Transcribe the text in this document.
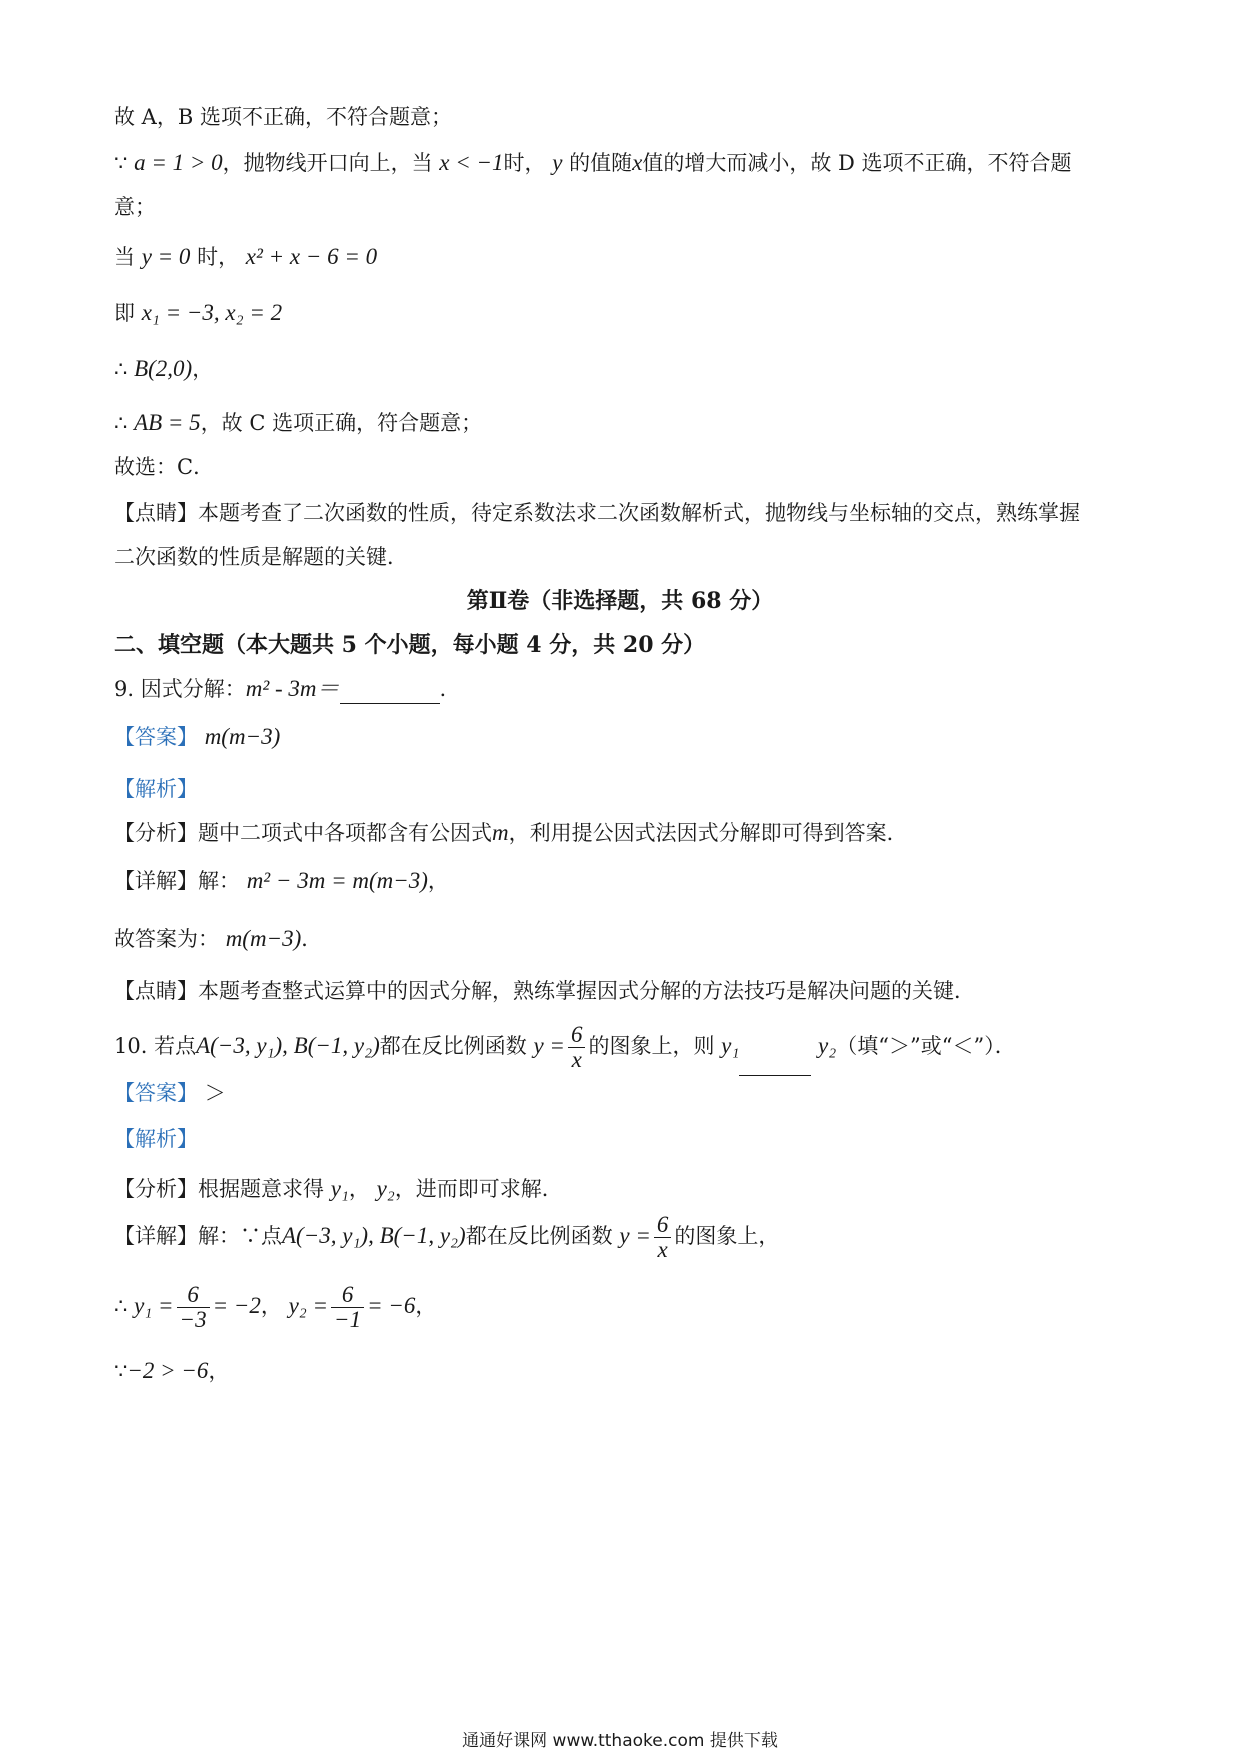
故 A，B 选项不正确，不符合题意；
∵ a = 1 > 0，抛物线开口向上，当 x < −1时， y 的值随x值的增大而减小，故 D 选项不正确，不符合题
意；
当 y = 0 时， x² + x − 6 = 0
即 x₁ = −3, x₂ = 2
∴ B(2,0)，
∴ AB = 5，故 C 选项正确，符合题意；
故选：C．
【点睛】本题考查了二次函数的性质，待定系数法求二次函数解析式，抛物线与坐标轴的交点，熟练掌握
二次函数的性质是解题的关键．
第Ⅱ卷（非选择题，共 68 分）
二、填空题（本大题共 5 个小题，每小题 4 分，共 20 分）
9. 因式分解：m² - 3m＝	.
【答案】 m(m−3)
【解析】
【分析】题中二项式中各项都含有公因式m，利用提公因式法因式分解即可得到答案．
【详解】解： m² − 3m = m(m−3)，
故答案为： m(m−3)．
【点睛】本题考查整式运算中的因式分解，熟练掌握因式分解的方法技巧是解决问题的关键．
10. 若点A(−3, y₁), B(−1, y₂)都在反比例函数 $y = \frac{6}{x}$ 的图象上，则 y₁	y₂（填“＞”或“＜”）．
【答案】 ＞
【解析】
【分析】根据题意求得 y₁， y₂，进而即可求解．
【详解】解：∵点A(−3, y₁), B(−1, y₂)都在反比例函数 $y = \frac{6}{x}$ 的图象上，
∴ $y_1 = \frac{6}{-3} = -2$， $y_2 = \frac{6}{-1} = -6$，
∵−2 > −6，
通通好课网 www.tthaoke.com 提供下载
